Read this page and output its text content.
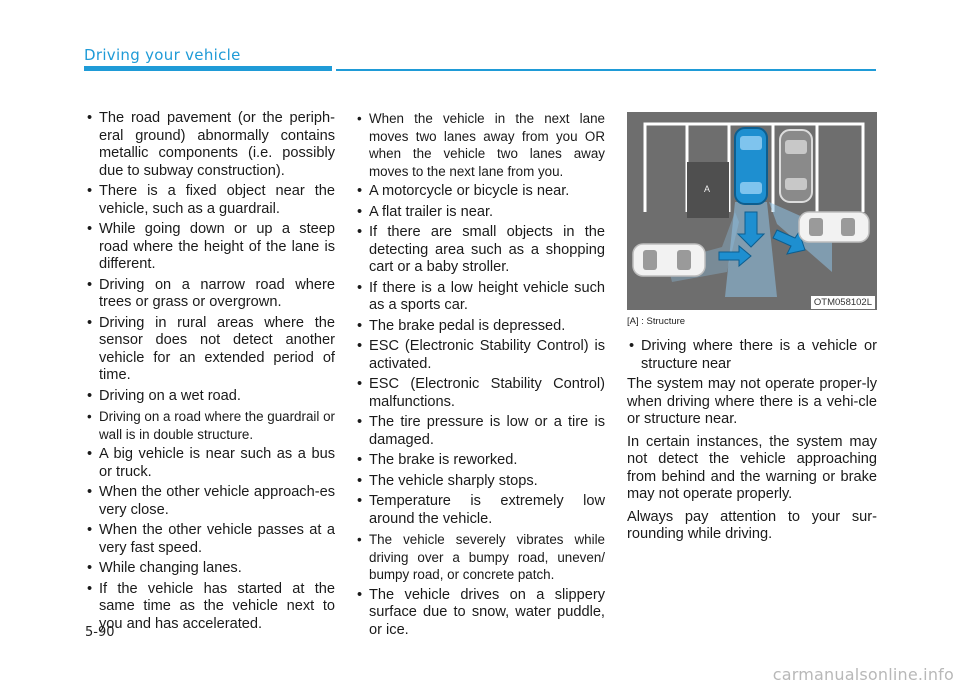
Driving your vehicle
• The road pavement (or the periph-eral ground) abnormally contains metallic components (i.e. possibly due to subway construction).
• There is a fixed object near the vehicle, such as a guardrail.
• While going down or up a steep road where the height of the lane is different.
• Driving on a narrow road where trees or grass or overgrown.
• Driving in rural areas where the sensor does not detect another vehicle for an extended period of time.
• Driving on a wet road.
• Driving on a road where the guardrail or wall is in double structure.
• A big vehicle is near such as a bus or truck.
• When the other vehicle approach-es very close.
• When the other vehicle passes at a very fast speed.
• While changing lanes.
• If the vehicle has started at the same time as the vehicle next to you and has accelerated.
• When the vehicle in the next lane moves two lanes away from you OR when the vehicle two lanes away moves to the next lane from you.
• A motorcycle or bicycle is near.
• A flat trailer is near.
• If there are small objects in the detecting area such as a shopping cart or a baby stroller.
• If there is a low height vehicle such as a sports car.
• The brake pedal is depressed.
• ESC (Electronic Stability Control) is activated.
• ESC (Electronic Stability Control) malfunctions.
• The tire pressure is low or a tire is damaged.
• The brake is reworked.
• The vehicle sharply stops.
• Temperature is extremely low around the vehicle.
• The vehicle severely vibrates while driving over a bumpy road, uneven/ bumpy road, or concrete patch.
• The vehicle drives on a slippery surface due to snow, water puddle, or ice.
A
OTM058102L
[A] : Structure
• Driving where there is a vehicle or structure near

The system may not operate proper-ly when driving where there is a vehi-cle or structure near.

In certain instances, the system may not detect the vehicle approaching from behind and the warning or brake may not operate properly.

Always pay attention to your sur-rounding while driving.

5-90
carmanualsonline.info
